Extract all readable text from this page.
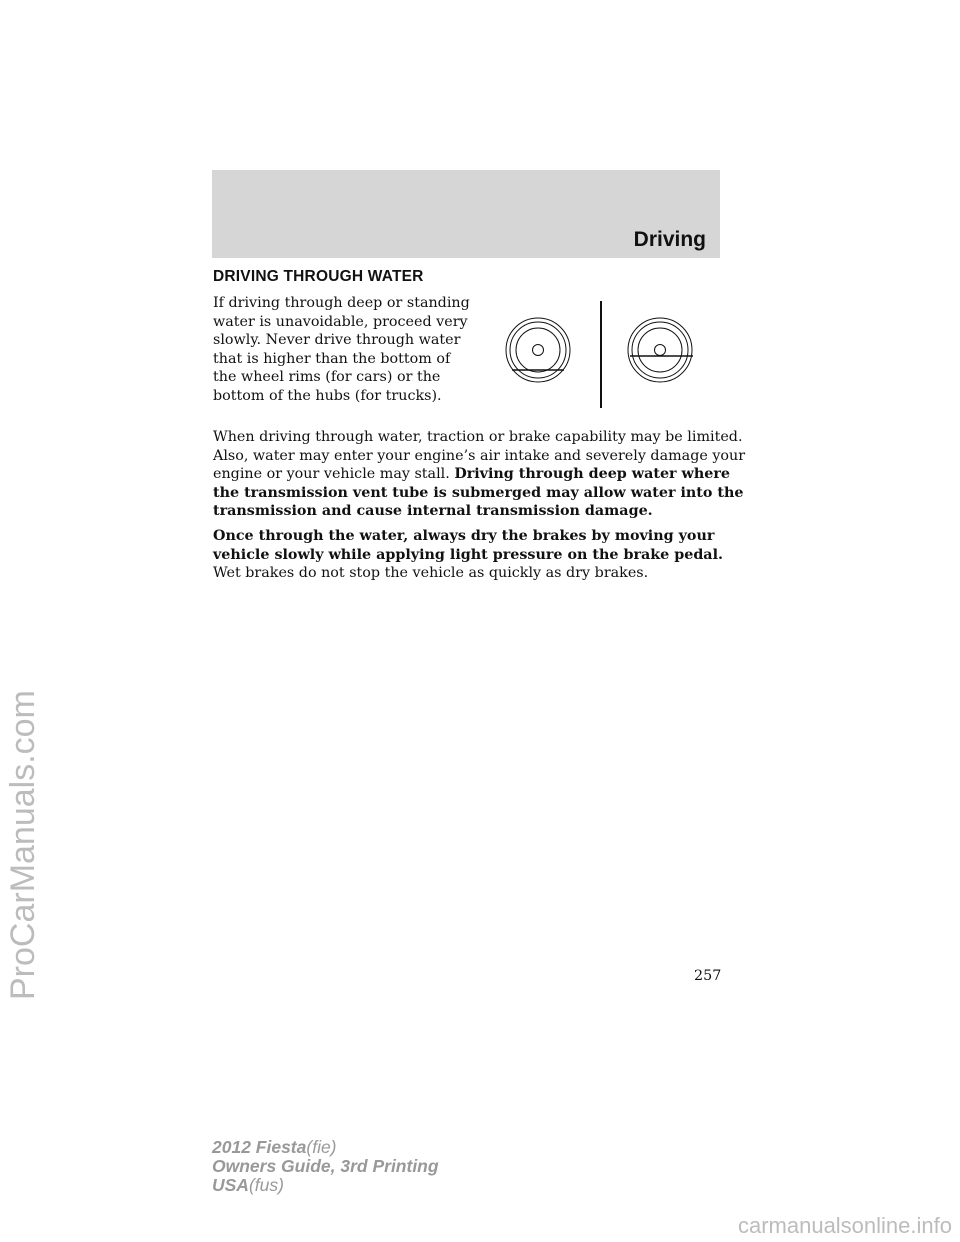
Driving
DRIVING THROUGH WATER
If driving through deep or standing
water is unavoidable, proceed very
slowly. Never drive through water
that is higher than the bottom of
the wheel rims (for cars) or the
bottom of the hubs (for trucks).
When driving through water, traction or brake capability may be limited.
Also, water may enter your engine’s air intake and severely damage your
engine or your vehicle may stall. Driving through deep water where
the transmission vent tube is submerged may allow water into the
transmission and cause internal transmission damage.
Once through the water, always dry the brakes by moving your
vehicle slowly while applying light pressure on the brake pedal.
Wet brakes do not stop the vehicle as quickly as dry brakes.
257
2012 Fiesta(fie)
Owners Guide, 3rd Printing
USA(fus)
ProCarManuals.com
carmanualsonline.info
